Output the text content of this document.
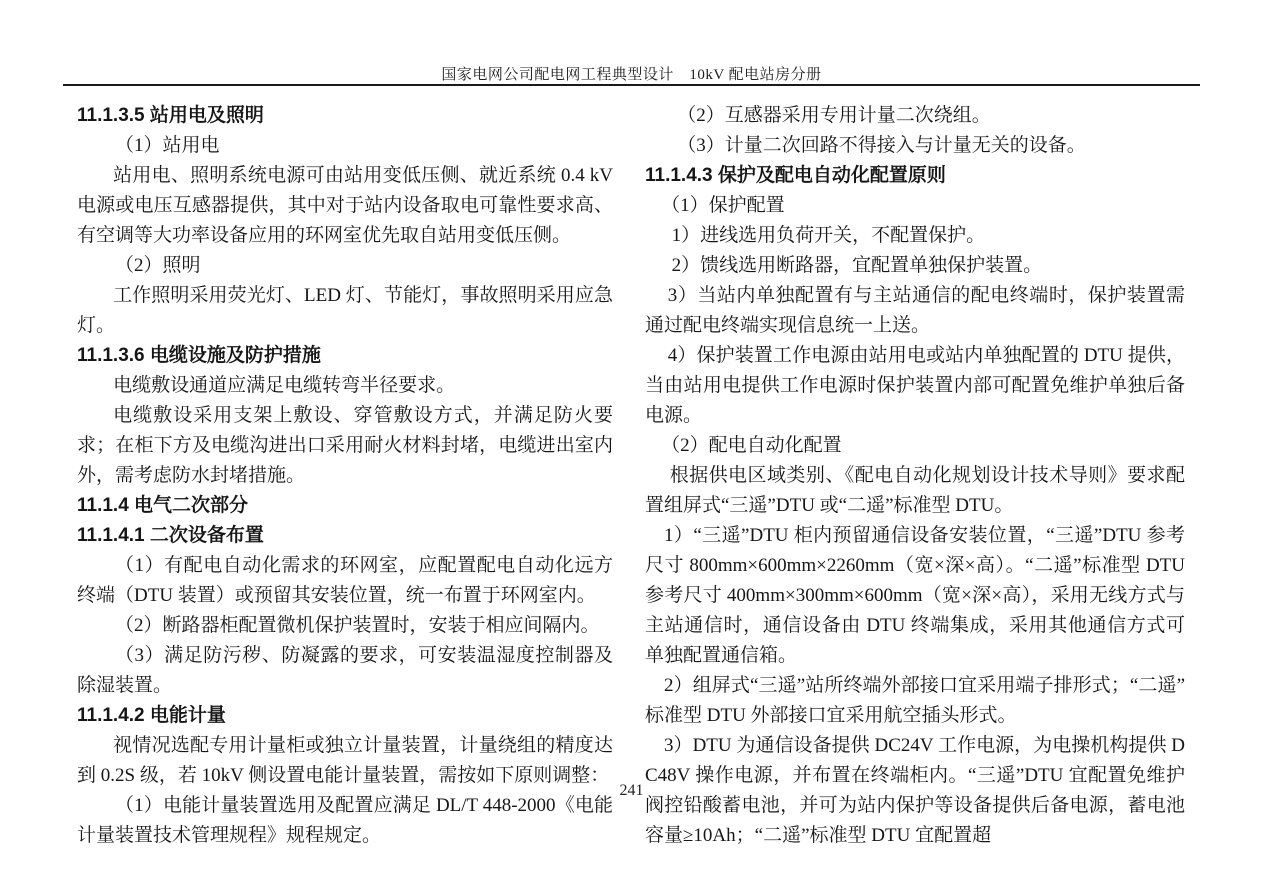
国家电网公司配电网工程典型设计　10kV 配电站房分册

11.1.3.5 站用电及照明

（1）站用电

站用电、照明系统电源可由站用变低压侧、就近系统 0.4 kV 电源或电压互感器提供，其中对于站内设备取电可靠性要求高、有空调等大功率设备应用的环网室优先取自站用变低压侧。

（2）照明

工作照明采用荧光灯、LED 灯、节能灯，事故照明采用应急灯。

11.1.3.6 电缆设施及防护措施

电缆敷设通道应满足电缆转弯半径要求。

电缆敷设采用支架上敷设、穿管敷设方式，并满足防火要求；在柜下方及电缆沟进出口采用耐火材料封堵，电缆进出室内外，需考虑防水封堵措施。

11.1.4 电气二次部分

11.1.4.1 二次设备布置

（1）有配电自动化需求的环网室，应配置配电自动化远方终端（DTU 装置）或预留其安装位置，统一布置于环网室内。

（2）断路器柜配置微机保护装置时，安装于相应间隔内。

（3）满足防污秽、防凝露的要求，可安装温湿度控制器及除湿装置。

11.1.4.2 电能计量

视情况选配专用计量柜或独立计量装置，计量绕组的精度达到 0.2S 级，若 10kV 侧设置电能计量装置，需按如下原则调整：

（1）电能计量装置选用及配置应满足 DL/T 448-2000《电能计量装置技术管理规程》规程规定。

（2）互感器采用专用计量二次绕组。

（3）计量二次回路不得接入与计量无关的设备。

11.1.4.3 保护及配电自动化配置原则

（1）保护配置

1）进线选用负荷开关，不配置保护。

2）馈线选用断路器，宜配置单独保护装置。

3）当站内单独配置有与主站通信的配电终端时，保护装置需通过配电终端实现信息统一上送。

4）保护装置工作电源由站用电或站内单独配置的 DTU 提供，当由站用电提供工作电源时保护装置内部可配置免维护单独后备电源。

（2）配电自动化配置

根据供电区域类别、《配电自动化规划设计技术导则》要求配置组屏式“三遥”DTU 或“二遥”标准型 DTU。

1）“三遥”DTU 柜内预留通信设备安装位置，“三遥”DTU 参考尺寸 800mm×600mm×2260mm（宽×深×高）。“二遥”标准型 DTU 参考尺寸 400mm×300mm×600mm（宽×深×高），采用无线方式与主站通信时，通信设备由 DTU 终端集成，采用其他通信方式可单独配置通信箱。

2）组屏式“三遥”站所终端外部接口宜采用端子排形式；“二遥”标准型 DTU 外部接口宜采用航空插头形式。

3）DTU 为通信设备提供 DC24V 工作电源，为电操机构提供 DC48V 操作电源，并布置在终端柜内。“三遥”DTU 宜配置免维护阀控铅酸蓄电池，并可为站内保护等设备提供后备电源，蓄电池容量≥10Ah；“二遥”标准型 DTU 宜配置超

241
